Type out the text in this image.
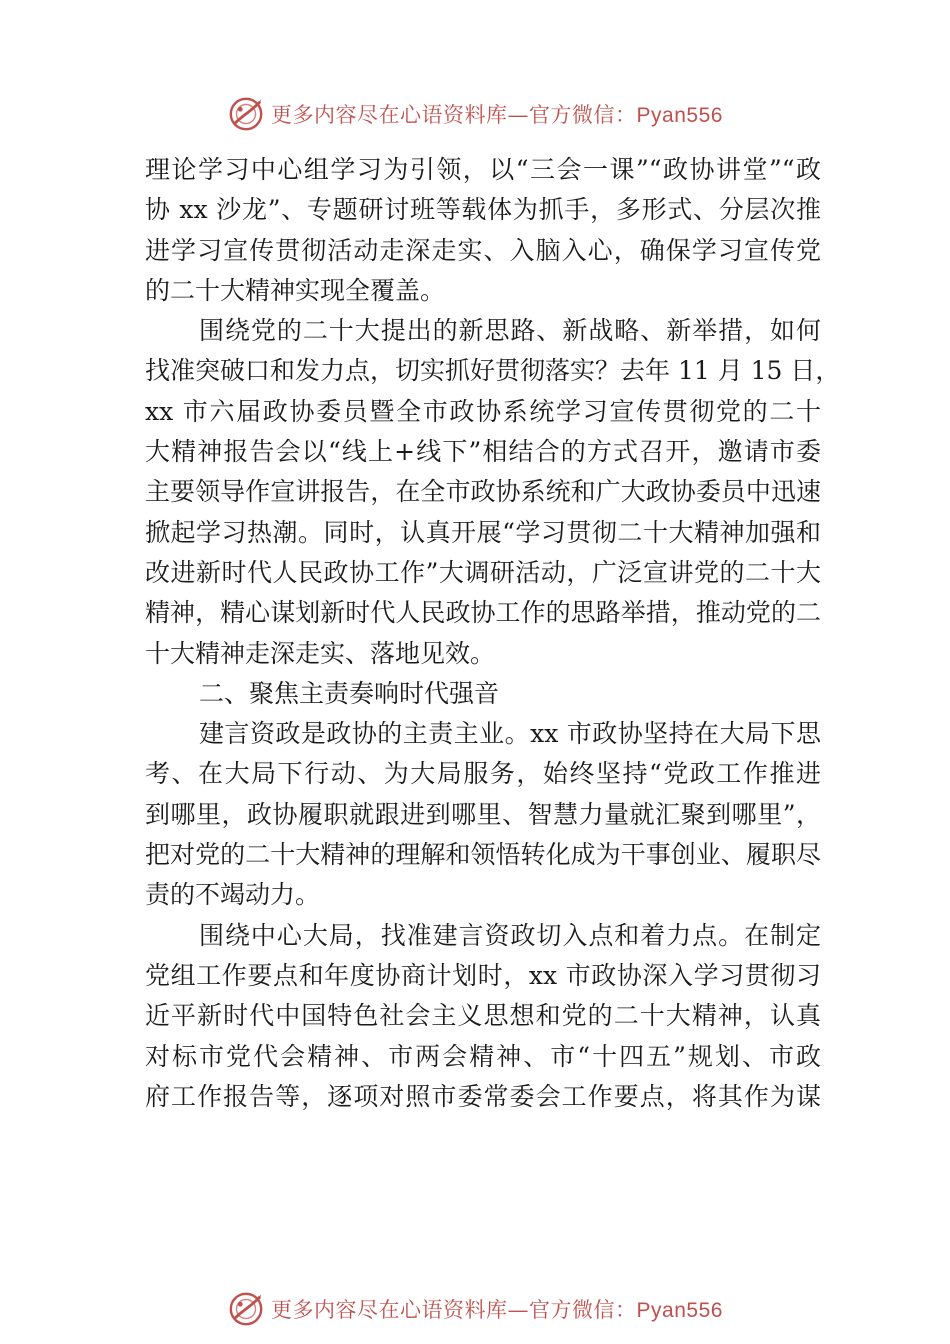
更多内容尽在心语资料库—官方微信：Pyan556
理论学习中心组学习为引领，以“三会一课”“政协讲堂”“政
协 xx 沙龙”、专题研讨班等载体为抓手，多形式、分层次推
进学习宣传贯彻活动走深走实、入脑入心，确保学习宣传党
的二十大精神实现全覆盖。
围绕党的二十大提出的新思路、新战略、新举措，如何
找准突破口和发力点，切实抓好贯彻落实？去年 11 月 15 日，
xx 市六届政协委员暨全市政协系统学习宣传贯彻党的二十
大精神报告会以“线上+线下”相结合的方式召开，邀请市委
主要领导作宣讲报告，在全市政协系统和广大政协委员中迅速
掀起学习热潮。同时，认真开展“学习贯彻二十大精神加强和
改进新时代人民政协工作”大调研活动，广泛宣讲党的二十大
精神，精心谋划新时代人民政协工作的思路举措，推动党的二
十大精神走深走实、落地见效。
二、聚焦主责奏响时代强音
建言资政是政协的主责主业。xx 市政协坚持在大局下思
考、在大局下行动、为大局服务，始终坚持“党政工作推进
到哪里，政协履职就跟进到哪里、智慧力量就汇聚到哪里”，
把对党的二十大精神的理解和领悟转化成为干事创业、履职尽
责的不竭动力。
围绕中心大局，找准建言资政切入点和着力点。在制定
党组工作要点和年度协商计划时，xx 市政协深入学习贯彻习
近平新时代中国特色社会主义思想和党的二十大精神，认真
对标市党代会精神、市两会精神、市“十四五”规划、市政
府工作报告等，逐项对照市委常委会工作要点，将其作为谋
更多内容尽在心语资料库—官方微信：Pyan556
